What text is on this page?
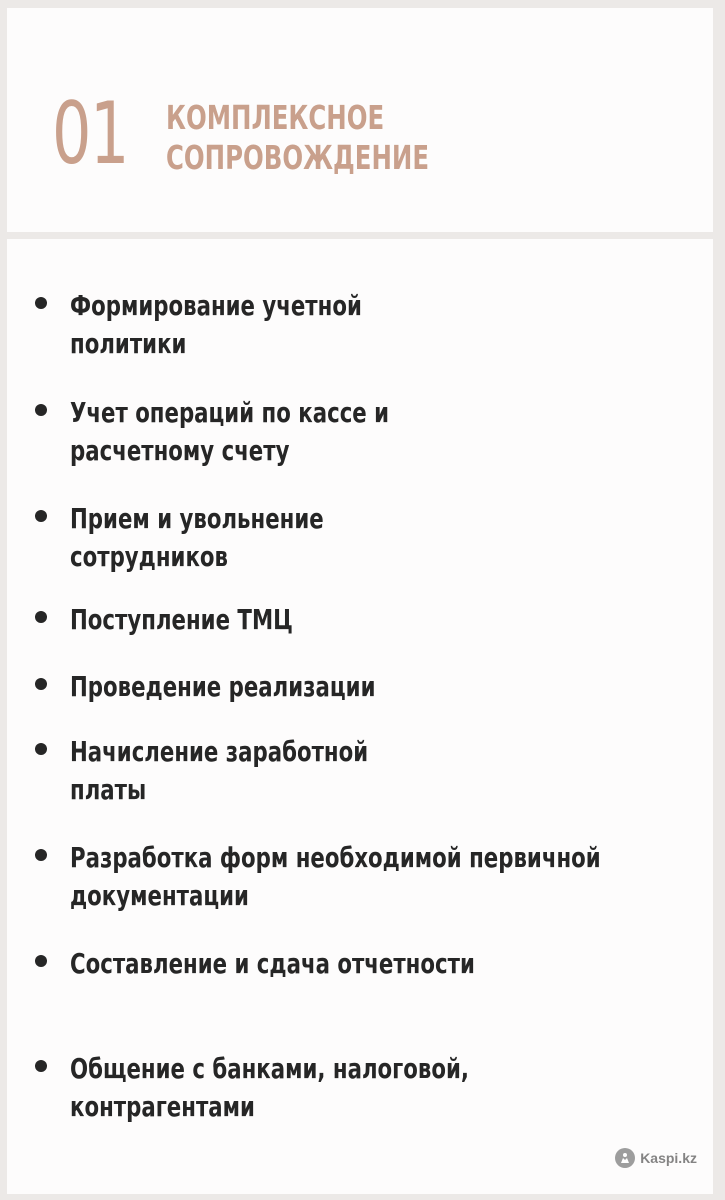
01 КОМПЛЕКСНОЕ
СОПРОВОЖДЕНИЕ
Формирование учетной
политики
Учет операций по кассе и
расчетному счету
Прием и увольнение
сотрудников
Поступление ТМЦ
Проведение реализации
Начисление заработной
платы
Разработка форм необходимой первичной
документации
Составление и сдача отчетности
Общение с банками, налоговой,
контрагентами
Kaspi.kz
